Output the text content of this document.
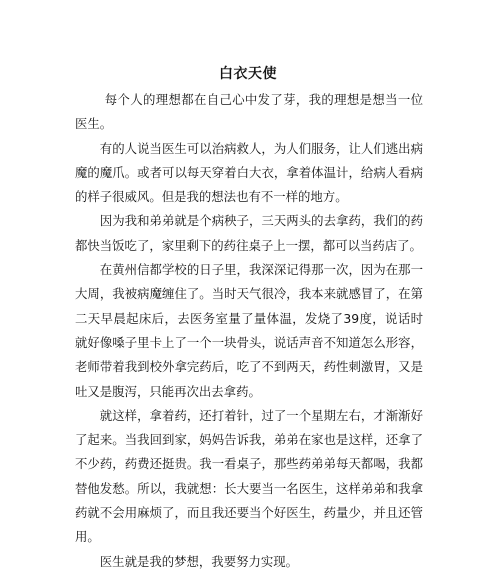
白衣天使

每个人的理想都在自己心中发了芽，我的理想是想当一位医生。

有的人说当医生可以治病救人，为人们服务，让人们逃出病魔的魔爪。或者可以每天穿着白大衣，拿着体温计，给病人看病的样子很威风。但是我的想法也有不一样的地方。

因为我和弟弟就是个病秧子，三天两头的去拿药，我们的药都快当饭吃了，家里剩下的药往桌子上一摆，都可以当药店了。

在黄州信都学校的日子里，我深深记得那一次，因为在那一大周，我被病魔缠住了。当时天气很冷，我本来就感冒了，在第二天早晨起床后，去医务室量了量体温，发烧了39度，说话时就好像嗓子里卡上了一个一块骨头，说话声音不知道怎么形容，老师带着我到校外拿完药后，吃了不到两天，药性刺激胃，又是吐又是腹泻，只能再次出去拿药。

就这样，拿着药，还打着针，过了一个星期左右，才渐渐好了起来。当我回到家，妈妈告诉我，弟弟在家也是这样，还拿了不少药，药费还挺贵。我一看桌子，那些药弟弟每天都喝，我都替他发愁。所以，我就想：长大要当一名医生，这样弟弟和我拿药就不会用麻烦了，而且我还要当个好医生，药量少，并且还管用。

医生就是我的梦想，我要努力实现。
